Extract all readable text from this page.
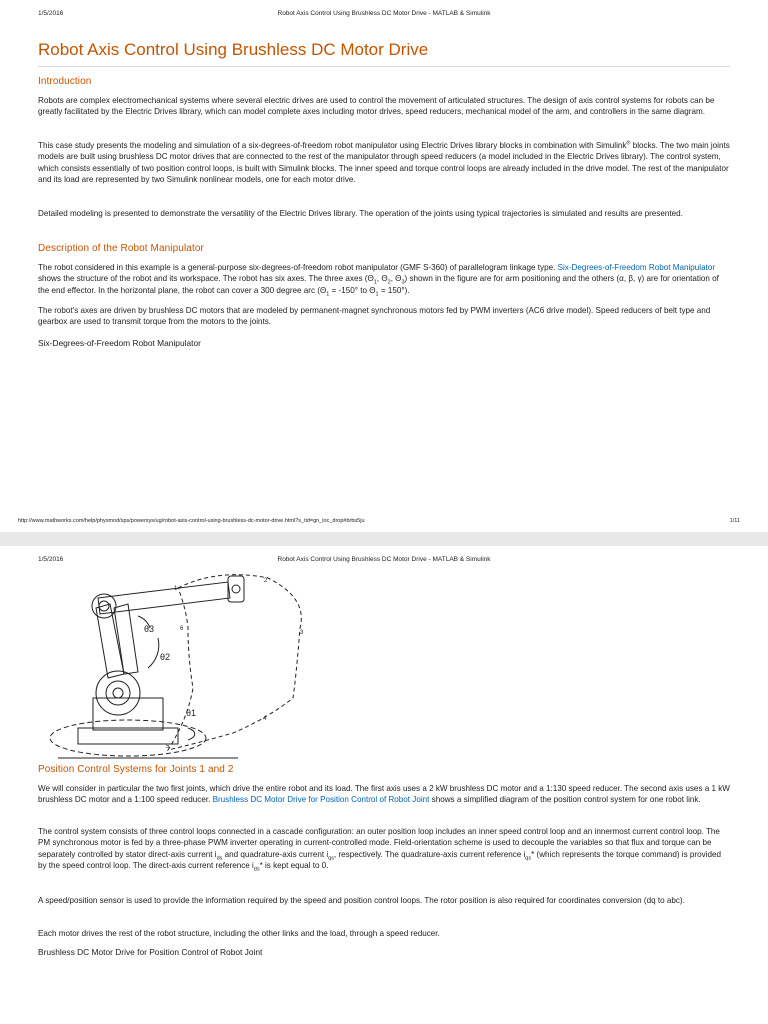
1/5/2016	Robot Axis Control Using Brushless DC Motor Drive - MATLAB & Simulink
Robot Axis Control Using Brushless DC Motor Drive
Introduction

Robots are complex electromechanical systems where several electric drives are used to control the movement of articulated structures. The design of axis control systems for robots can be greatly facilitated by the Electric Drives library, which can model complete axes including motor drives, speed reducers, mechanical model of the arm, and controllers in the same diagram.

This case study presents the modeling and simulation of a six-degrees-of-freedom robot manipulator using Electric Drives library blocks in combination with Simulink® blocks. The two main joints models are built using brushless DC motor drives that are connected to the rest of the manipulator through speed reducers (a model included in the Electric Drives library). The control system, which consists essentially of two position control loops, is built with Simulink blocks. The inner speed and torque control loops are already included in the drive model. The rest of the manipulator and its load are represented by two Simulink nonlinear models, one for each motor drive.

Detailed modeling is presented to demonstrate the versatility of the Electric Drives library. The operation of the joints using typical trajectories is simulated and results are presented.

Description of the Robot Manipulator

The robot considered in this example is a general-purpose six-degrees-of-freedom robot manipulator (GMF S-360) of parallelogram linkage type. Six-Degrees-of-Freedom Robot Manipulator shows the structure of the robot and its workspace. The robot has six axes. The three axes ($\Theta_1$, $\Theta_2$, $\Theta_3$) shown in the figure are for arm positioning and the others (α, β, γ) are for orientation of the end effector. In the horizontal plane, the robot can cover a 300 degree arc ($\Theta_1 = -150^\circ$ to $\Theta_1 = 150^\circ$).

The robot's axes are driven by brushless DC motors that are modeled by permanent-magnet synchronous motors fed by PWM inverters (AC6 drive model). Speed reducers of belt type and gearbox are used to transmit torque from the motors to the joints.

Six-Degrees-of-Freedom Robot Manipulator

http://www.mathworks.com/help/physmod/sps/powersys/ug/robot-axis-control-using-brushless-dc-motor-drive.html?s_tid=gn_loc_drop#brbs5ju	1/11
1/5/2016	Robot Axis Control Using Brushless DC Motor Drive - MATLAB & Simulink
θ3
θ2
θ1
1
2
3
4
5
6
Position Control Systems for Joints 1 and 2

We will consider in particular the two first joints, which drive the entire robot and its load. The first axis uses a 2 kW brushless DC motor and a 1:130 speed reducer. The second axis uses a 1 kW brushless DC motor and a 1:100 speed reducer. Brushless DC Motor Drive for Position Control of Robot Joint shows a simplified diagram of the position control system for one robot link.

The control system consists of three control loops connected in a cascade configuration: an outer position loop includes an inner speed control loop and an innermost current control loop. The PM synchronous motor is fed by a three-phase PWM inverter operating in current-controlled mode. Field-orientation scheme is used to decouple the variables so that flux and torque can be separately controlled by stator direct-axis current $i_{ds}$ and quadrature-axis current $i_{qs}$, respectively. The quadrature-axis current reference $i_{qs}*$ (which represents the torque command) is provided by the speed control loop. The direct-axis current reference $i_{ds}*$ is kept equal to 0.

A speed/position sensor is used to provide the information required by the speed and position control loops. The rotor position is also required for coordinates conversion (dq to abc).

Each motor drives the rest of the robot structure, including the other links and the load, through a speed reducer.

Brushless DC Motor Drive for Position Control of Robot Joint
